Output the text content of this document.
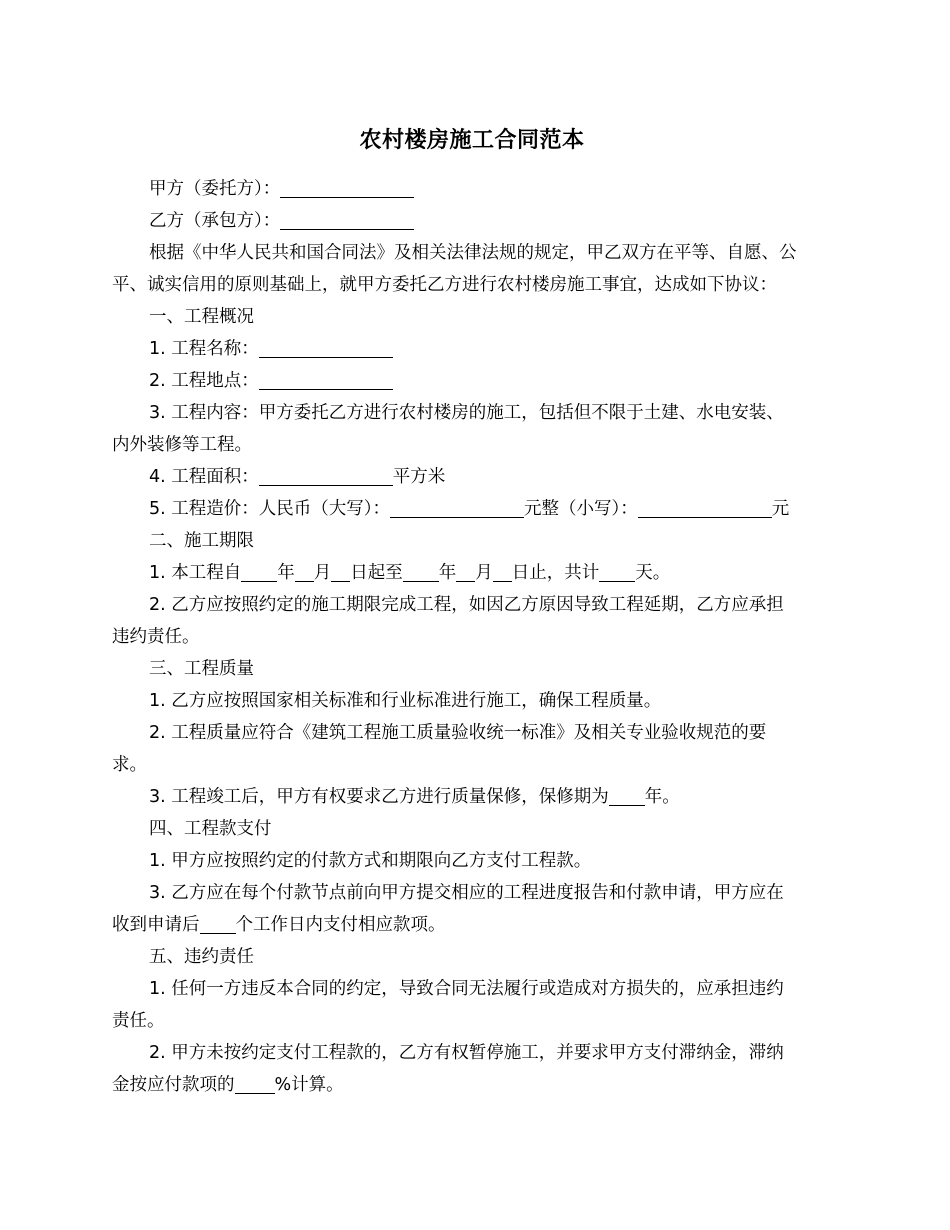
农村楼房施工合同范本

甲方（委托方）：

乙方（承包方）：

根据《中华人民共和国合同法》及相关法律法规的规定，甲乙双方在平等、自愿、公

平、诚实信用的原则基础上，就甲方委托乙方进行农村楼房施工事宜，达成如下协议：

一、工程概况

1. 工程名称：

2. 工程地点：

3. 工程内容：甲方委托乙方进行农村楼房的施工，包括但不限于土建、水电安装、

内外装修等工程。

4. 工程面积：	平方米

5. 工程造价：人民币（大写）：	元整（小写）：	元

二、施工期限

1. 本工程自 年 月 日起至 年 月 日止，共计 天。

2. 乙方应按照约定的施工期限完成工程，如因乙方原因导致工程延期，乙方应承担

违约责任。

三、工程质量

1. 乙方应按照国家相关标准和行业标准进行施工，确保工程质量。

2. 工程质量应符合《建筑工程施工质量验收统一标准》及相关专业验收规范的要

求。

3. 工程竣工后，甲方有权要求乙方进行质量保修，保修期为 年。

四、工程款支付

1. 甲方应按照约定的付款方式和期限向乙方支付工程款。

3. 乙方应在每个付款节点前向甲方提交相应的工程进度报告和付款申请，甲方应在

收到申请后 个工作日内支付相应款项。

五、违约责任

1. 任何一方违反本合同的约定，导致合同无法履行或造成对方损失的，应承担违约

责任。

2. 甲方未按约定支付工程款的，乙方有权暂停施工，并要求甲方支付滞纳金，滞纳

金按应付款项的 %计算。
